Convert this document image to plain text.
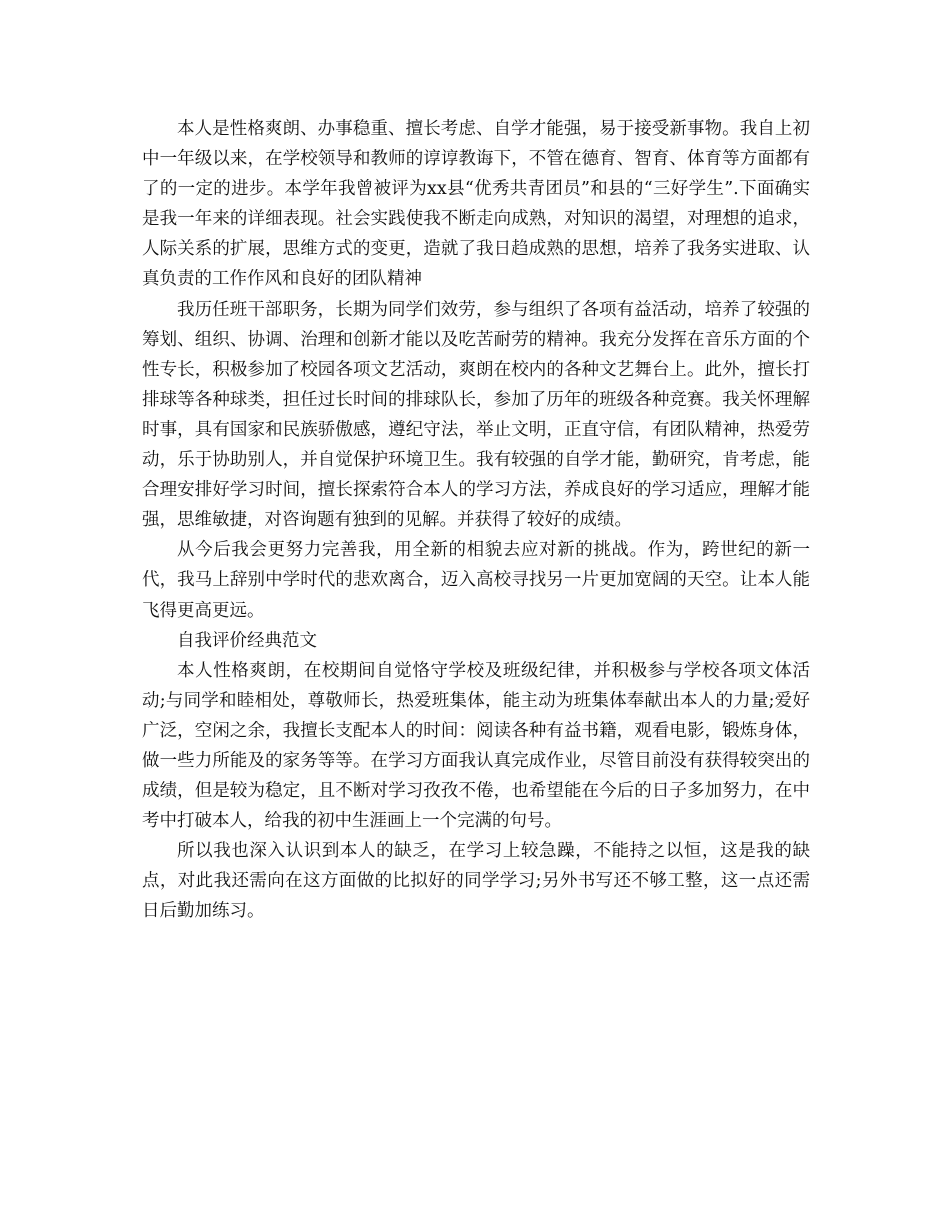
本人是性格爽朗、办事稳重、擅长考虑、自学才能强，易于接受新事物。我自上初中一年级以来，在学校领导和教师的谆谆教诲下，不管在德育、智育、体育等方面都有了的一定的进步。本学年我曾被评为xx县“优秀共青团员”和县的“三好学生”.下面确实是我一年来的详细表现。社会实践使我不断走向成熟，对知识的渴望，对理想的追求，人际关系的扩展，思维方式的变更，造就了我日趋成熟的思想，培养了我务实进取、认真负责的工作作风和良好的团队精神

我历任班干部职务，长期为同学们效劳，参与组织了各项有益活动，培养了较强的筹划、组织、协调、治理和创新才能以及吃苦耐劳的精神。我充分发挥在音乐方面的个性专长，积极参加了校园各项文艺活动，爽朗在校内的各种文艺舞台上。此外，擅长打排球等各种球类，担任过长时间的排球队长，参加了历年的班级各种竞赛。我关怀理解时事，具有国家和民族骄傲感，遵纪守法，举止文明，正直守信，有团队精神，热爱劳动，乐于协助别人，并自觉保护环境卫生。我有较强的自学才能，勤研究，肯考虑，能合理安排好学习时间，擅长探索符合本人的学习方法，养成良好的学习适应，理解才能强，思维敏捷，对咨询题有独到的见解。并获得了较好的成绩。

从今后我会更努力完善我，用全新的相貌去应对新的挑战。作为，跨世纪的新一代，我马上辞别中学时代的悲欢离合，迈入高校寻找另一片更加宽阔的天空。让本人能飞得更高更远。

自我评价经典范文

本人性格爽朗，在校期间自觉恪守学校及班级纪律，并积极参与学校各项文体活动;与同学和睦相处，尊敬师长，热爱班集体，能主动为班集体奉献出本人的力量;爱好广泛，空闲之余，我擅长支配本人的时间：阅读各种有益书籍，观看电影，锻炼身体，做一些力所能及的家务等等。在学习方面我认真完成作业，尽管目前没有获得较突出的成绩，但是较为稳定，且不断对学习孜孜不倦，也希望能在今后的日子多加努力，在中考中打破本人，给我的初中生涯画上一个完满的句号。

所以我也深入认识到本人的缺乏，在学习上较急躁，不能持之以恒，这是我的缺点，对此我还需向在这方面做的比拟好的同学学习;另外书写还不够工整，这一点还需日后勤加练习。
